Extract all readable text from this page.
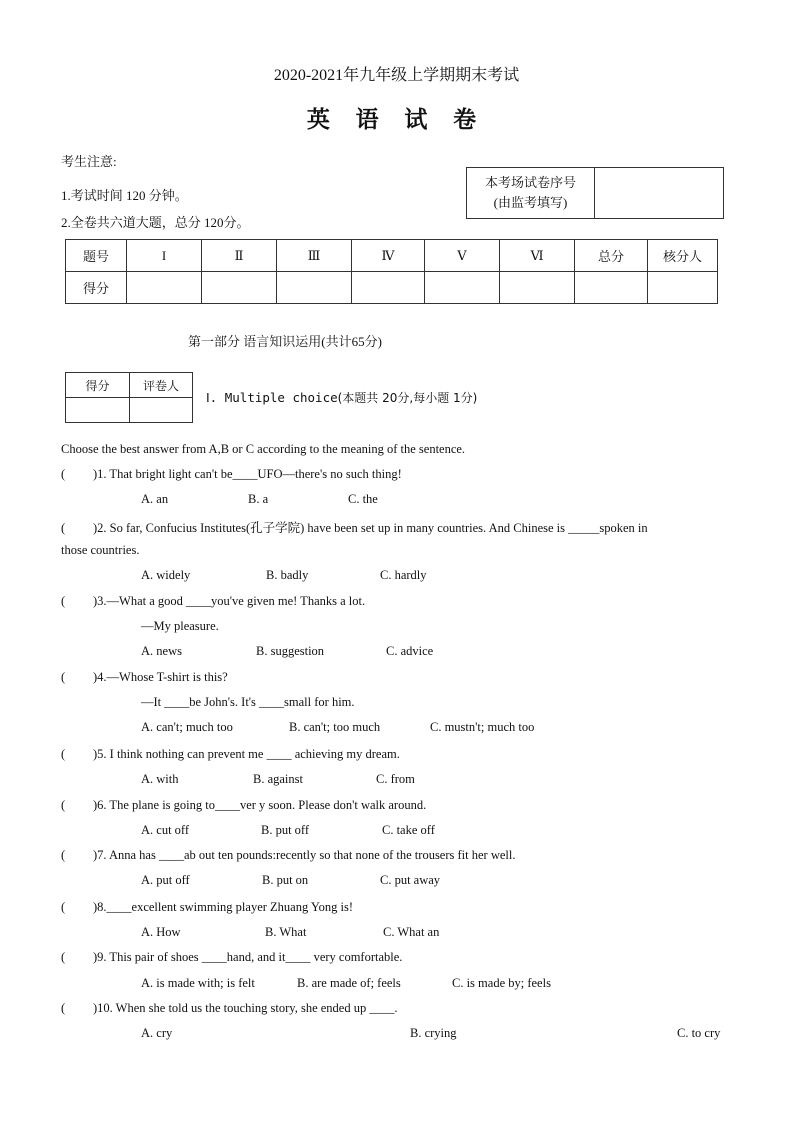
2020-2021年九年级上学期期末考试
英 语 试 卷
考生注意:
1.考试时间 120 分钟。
2.全卷共六道大题，总分 120分。
本考场试卷序号
(由监考填写)

题号	I	Ⅱ	Ⅲ	Ⅳ	Ⅴ	Ⅵ	总分	核分人
得分								
第一部分 语言知识运用(共计65分)
得分	评卷人

Ⅰ. Multiple choice(本题共 20分,每小题 1分)
Choose the best answer from A,B or C according to the meaning of the sentence.
( )1. That bright light can't be____UFO—there's no such thing!
A. an	B. a	C. the
( )2. So far, Confucius Institutes(孔子学院) have been set up in many countries. And Chinese is _____spoken in
those countries.
A. widely	B. badly	C. hardly
( )3.—What a good ____you've given me! Thanks a lot.
—My pleasure.
A. news	B. suggestion	C. advice
( )4.—Whose T-shirt is this?
—It ____be John's. It's ____small for him.
A. can't; much too	B. can't; too much	C. mustn't; much too
( )5. I think nothing can prevent me ____ achieving my dream.
A. with	B. against	C. from
( )6. The plane is going to____ver y soon. Please don't walk around.
A. cut off	B. put off	C. take off
( )7. Anna has ____ab out ten pounds:recently so that none of the trousers fit her well.
A. put off	B. put on	C. put away
( )8.____excellent swimming player Zhuang Yong is!
A. How	B. What	C. What an
( )9. This pair of shoes ____hand, and it____ very comfortable.
A. is made with; is felt	B. are made of; feels	C. is made by; feels
( )10. When she told us the touching story, she ended up ____.
A. cry	B. crying	C. to cry
